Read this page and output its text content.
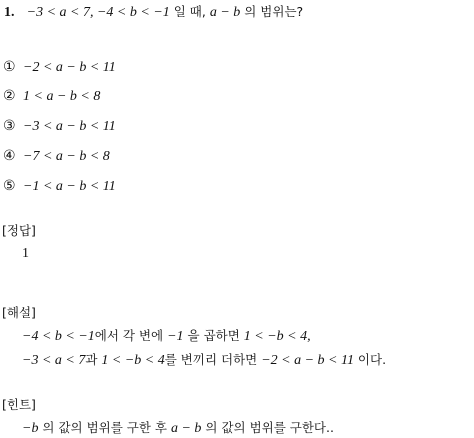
1. −3 < a < 7, −4 < b < −1 일 때, a − b 의 범위는?
① −2 < a − b < 11
② 1 < a − b < 8
③ −3 < a − b < 11
④ −7 < a − b < 8
⑤ −1 < a − b < 11
[정답]
1
[해설]
−4 < b < −1에서 각 변에 −1 을 곱하면 1 < −b < 4,
−3 < a < 7과 1 < −b < 4를 변끼리 더하면 −2 < a − b < 11 이다.
[힌트]
−b 의 값의 범위를 구한 후 a − b 의 값의 범위를 구한다..
